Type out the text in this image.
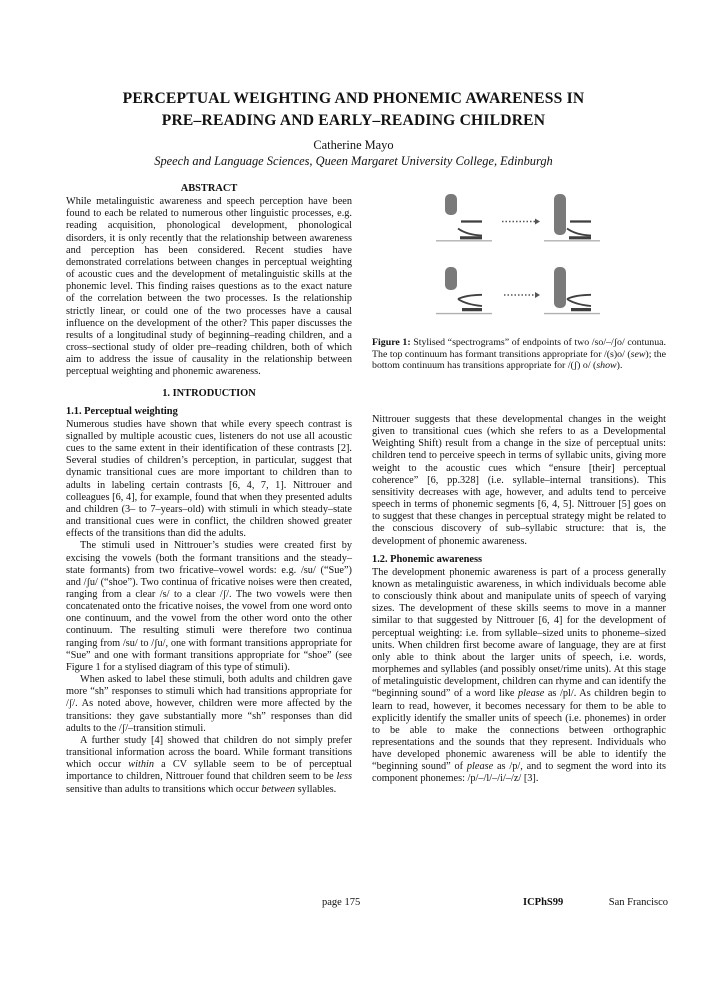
PERCEPTUAL WEIGHTING AND PHONEMIC AWARENESS IN
PRE–READING AND EARLY–READING CHILDREN
Catherine Mayo
Speech and Language Sciences, Queen Margaret University College, Edinburgh
ABSTRACT

While metalinguistic awareness and speech perception have been found to each be related to numerous other linguistic processes, e.g. reading acquisition, phonological development, phonological disorders, it is only recently that the relationship between awareness and perception has been considered. Recent studies have demonstrated correlations between changes in perceptual weighting of acoustic cues and the development of metalinguistic skills at the phonemic level. This finding raises questions as to the exact nature of the correlation between the two processes. Is the relationship strictly linear, or could one of the two processes have a causal influence on the development of the other? This paper discusses the results of a longitudinal study of beginning–reading children, and a cross–sectional study of older pre–reading children, both of which aim to address the issue of causality in the relationship between perceptual weighting and phonemic awareness.

1. INTRODUCTION
1.1. Perceptual weighting

Numerous studies have shown that while every speech contrast is signalled by multiple acoustic cues, listeners do not use all acoustic cues to the same extent in their identification of these contrasts [2]. Several studies of children’s perception, in particular, suggest that dynamic transitional cues are more important to children than to adults in labeling certain contrasts [6, 4, 7, 1]. Nittrouer and colleagues [6, 4], for example, found that when they presented adults and children (3– to 7–years–old) with stimuli in which steady–state and transitional cues were in conflict, the children showed greater effects of the transitions than did the adults.

The stimuli used in Nittrouer’s studies were created first by excising the vowels (both the formant transitions and the steady–state formants) from two fricative–vowel words: e.g. /su/ (“Sue”) and /ʃu/ (“shoe”). Two continua of fricative noises were then created, ranging from a clear /s/ to a clear /ʃ/. The two vowels were then concatenated onto the fricative noises, the vowel from one word onto one continuum, and the vowel from the other word onto the other continuum. The resulting stimuli were therefore two continua ranging from /su/ to /ʃu/, one with formant transitions appropriate for “Sue” and one with formant transitions appropriate for “shoe” (see Figure 1 for a stylised diagram of this type of stimuli).

When asked to label these stimuli, both adults and children gave more “sh” responses to stimuli which had transitions appropriate for /ʃ/. As noted above, however, children were more affected by the transitions: they gave substantially more “sh” responses than did adults to the /ʃ/–transition stimuli.

A further study [4] showed that children do not simply prefer transitional information across the board. While formant transitions which occur within a CV syllable seem to be of perceptual importance to children, Nittrouer found that children seem to be less sensitive than adults to transitions which occur between syllables.

Figure 1: Stylised “spectrograms” of endpoints of two /so/–/ʃo/ contunua. The top continuum has formant transitions appropriate for /(s)o/ (sew); the bottom continuum has transitions appropriate for /(ʃ) o/ (show).

Nittrouer suggests that these developmental changes in the weight given to transitional cues (which she refers to as a Developmental Weighting Shift) result from a change in the size of perceptual units: children tend to perceive speech in terms of syllabic units, giving more weight to the acoustic cues which “ensure [their] perceptual coherence” [6, pp.328] (i.e. syllable–internal transitions). This sensitivity decreases with age, however, and adults tend to perceive speech in terms of phonemic segments [6, 4, 5]. Nittrouer [5] goes on to suggest that these changes in perceptual strategy might be related to the conscious discovery of sub–syllabic structure: that is, the development of phonemic awareness.

1.2. Phonemic awareness

The development phonemic awareness is part of a process generally known as metalinguistic awareness, in which individuals become able to consciously think about and manipulate units of speech of varying sizes. The development of these skills seems to move in a manner similar to that suggested by Nittrouer [6, 4] for the development of perceptual weighting: i.e. from syllable–sized units to phoneme–sized units. When children first become aware of language, they are at first only able to think about the larger units of speech, i.e. words, morphemes and syllables (and possibly onset/rime units). At this stage of metalinguistic development, children can rhyme and can identify the “beginning sound” of a word like please as /pl/. As children begin to learn to read, however, it becomes necessary for them to be able to explicitly identify the smaller units of speech (i.e. phonemes) in order to be able to make the connections between orthographic representations and the sounds that they represent. Individuals who have developed phonemic awareness will be able to identify the “beginning sound” of please as /p/, and to segment the word into its component phonemes: /p/–/l/–/i/–/z/ [3].

page 175	ICPhS99	San Francisco
